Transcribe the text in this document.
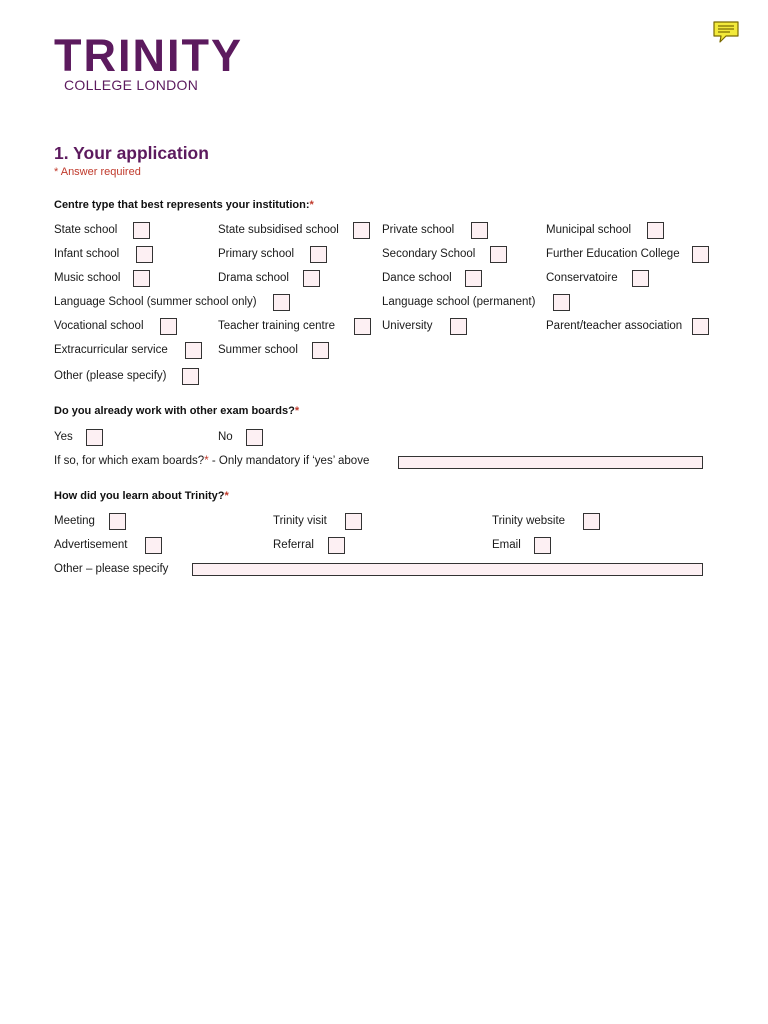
TRINITY
COLLEGE LONDON
1. Your application
* Answer required
Centre type that best represents your institution:*
State school	State subsidised school	Private school	Municipal school
Infant school	Primary school	Secondary School	Further Education College
Music school	Drama school	Dance school	Conservatoire
Language School (summer school only)	Language school (permanent)
Vocational school	Teacher training centre	University	Parent/teacher association
Extracurricular service	Summer school
Other (please specify)
Do you already work with other exam boards?*
Yes	No
If so, for which exam boards?* - Only mandatory if ‘yes’ above
How did you learn about Trinity?*
Meeting	Trinity visit	Trinity website
Advertisement	Referral	Email
Other – please specify
